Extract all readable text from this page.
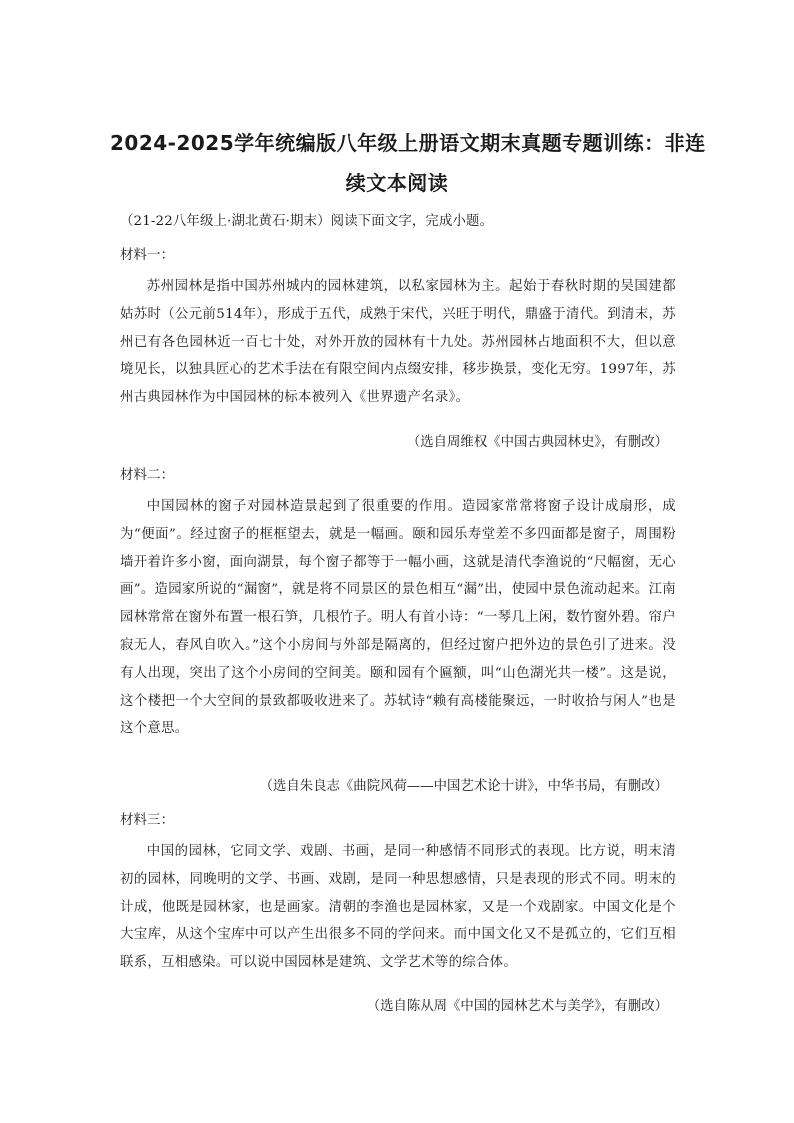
2024-2025学年统编版八年级上册语文期末真题专题训练：非连
续文本阅读

（21-22八年级上·湖北黄石·期末）阅读下面文字，完成小题。

材料一：

苏州园林是指中国苏州城内的园林建筑，以私家园林为主。起始于春秋时期的吴国建都姑苏时（公元前514年），形成于五代，成熟于宋代，兴旺于明代，鼎盛于清代。到清末，苏州已有各色园林近一百七十处，对外开放的园林有十九处。苏州园林占地面积不大，但以意境见长，以独具匠心的艺术手法在有限空间内点缀安排，移步换景，变化无穷。1997年，苏州古典园林作为中国园林的标本被列入《世界遗产名录》。

（选自周维权《中国古典园林史》，有删改）

材料二：

中国园林的窗子对园林造景起到了很重要的作用。造园家常常将窗子设计成扇形，成为“便面”。经过窗子的框框望去，就是一幅画。颐和园乐寿堂差不多四面都是窗子，周围粉墙开着许多小窗，面向湖景，每个窗子都等于一幅小画，这就是清代李渔说的“尺幅窗，无心画”。造园家所说的“漏窗”，就是将不同景区的景色相互“漏”出，使园中景色流动起来。江南园林常常在窗外布置一根石笋，几根竹子。明人有首小诗：“一琴几上闲，数竹窗外碧。帘户寂无人，春风自吹入。”这个小房间与外部是隔离的，但经过窗户把外边的景色引了进来。没有人出现，突出了这个小房间的空间美。颐和园有个匾额，叫“山色湖光共一楼”。这是说，这个楼把一个大空间的景致都吸收进来了。苏轼诗“赖有高楼能聚远，一时收拾与闲人”也是这个意思。

（选自朱良志《曲院风荷——中国艺术论十讲》，中华书局，有删改）

材料三：

中国的园林，它同文学、戏剧、书画，是同一种感情不同形式的表现。比方说，明末清初的园林，同晚明的文学、书画、戏剧，是同一种思想感情，只是表现的形式不同。明末的计成，他既是园林家，也是画家。清朝的李渔也是园林家，又是一个戏剧家。中国文化是个大宝库，从这个宝库中可以产生出很多不同的学问来。而中国文化又不是孤立的，它们互相联系，互相感染。可以说中国园林是建筑、文学艺术等的综合体。

（选自陈从周《中国的园林艺术与美学》，有删改）
